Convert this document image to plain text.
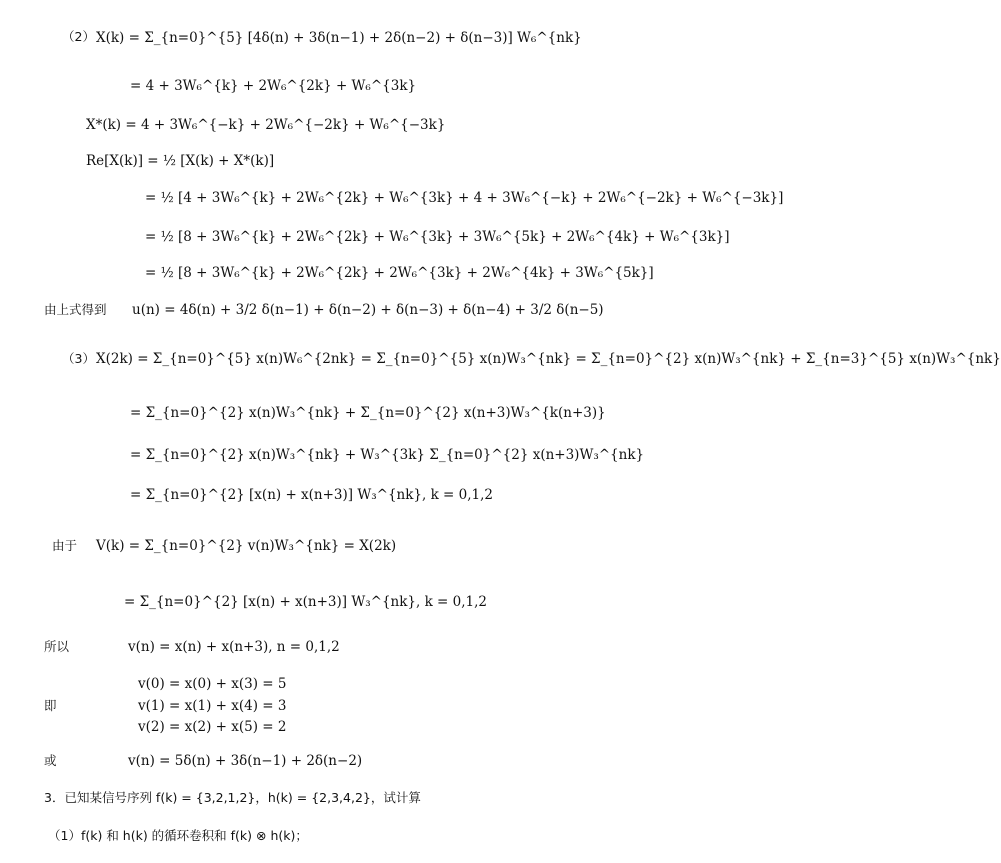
（2） X(k) = Σ_{n=0}^{5} [4δ(n) + 3δ(n−1) + 2δ(n−2) + δ(n−3)] W₆^{nk}
= 4 + 3W₆^{k} + 2W₆^{2k} + W₆^{3k}
X*(k) = 4 + 3W₆^{−k} + 2W₆^{−2k} + W₆^{−3k}
Re[X(k)] = ½ [X(k) + X*(k)]
= ½ [4 + 3W₆^{k} + 2W₆^{2k} + W₆^{3k} + 4 + 3W₆^{−k} + 2W₆^{−2k} + W₆^{−3k}]
= ½ [8 + 3W₆^{k} + 2W₆^{2k} + W₆^{3k} + 3W₆^{5k} + 2W₆^{4k} + W₆^{3k}]
= ½ [8 + 3W₆^{k} + 2W₆^{2k} + 2W₆^{3k} + 2W₆^{4k} + 3W₆^{5k}]
由上式得到 u(n) = 4δ(n) + 3/2 δ(n−1) + δ(n−2) + δ(n−3) + δ(n−4) + 3/2 δ(n−5)
（3） X(2k) = Σ_{n=0}^{5} x(n)W₆^{2nk} = Σ_{n=0}^{5} x(n)W₃^{nk} = Σ_{n=0}^{2} x(n)W₃^{nk} + Σ_{n=3}^{5} x(n)W₃^{nk}
= Σ_{n=0}^{2} x(n)W₃^{nk} + Σ_{n=0}^{2} x(n+3)W₃^{k(n+3)}
= Σ_{n=0}^{2} x(n)W₃^{nk} + W₃^{3k} Σ_{n=0}^{2} x(n+3)W₃^{nk}
= Σ_{n=0}^{2} [x(n) + x(n+3)] W₃^{nk}, k = 0,1,2
由于 V(k) = Σ_{n=0}^{2} v(n)W₃^{nk} = X(2k)
= Σ_{n=0}^{2} [x(n) + x(n+3)] W₃^{nk}, k = 0,1,2
所以	v(n) = x(n) + x(n+3), n = 0,1,2
v(0) = x(0) + x(3) = 5
即	v(1) = x(1) + x(4) = 3
v(2) = x(2) + x(5) = 2
或	v(n) = 5δ(n) + 3δ(n−1) + 2δ(n−2)
3．已知某信号序列 f(k) = {3,2,1,2}，h(k) = {2,3,4,2}，试计算
（1）f(k) 和 h(k) 的循环卷积和 f(k) ⊗ h(k)；
